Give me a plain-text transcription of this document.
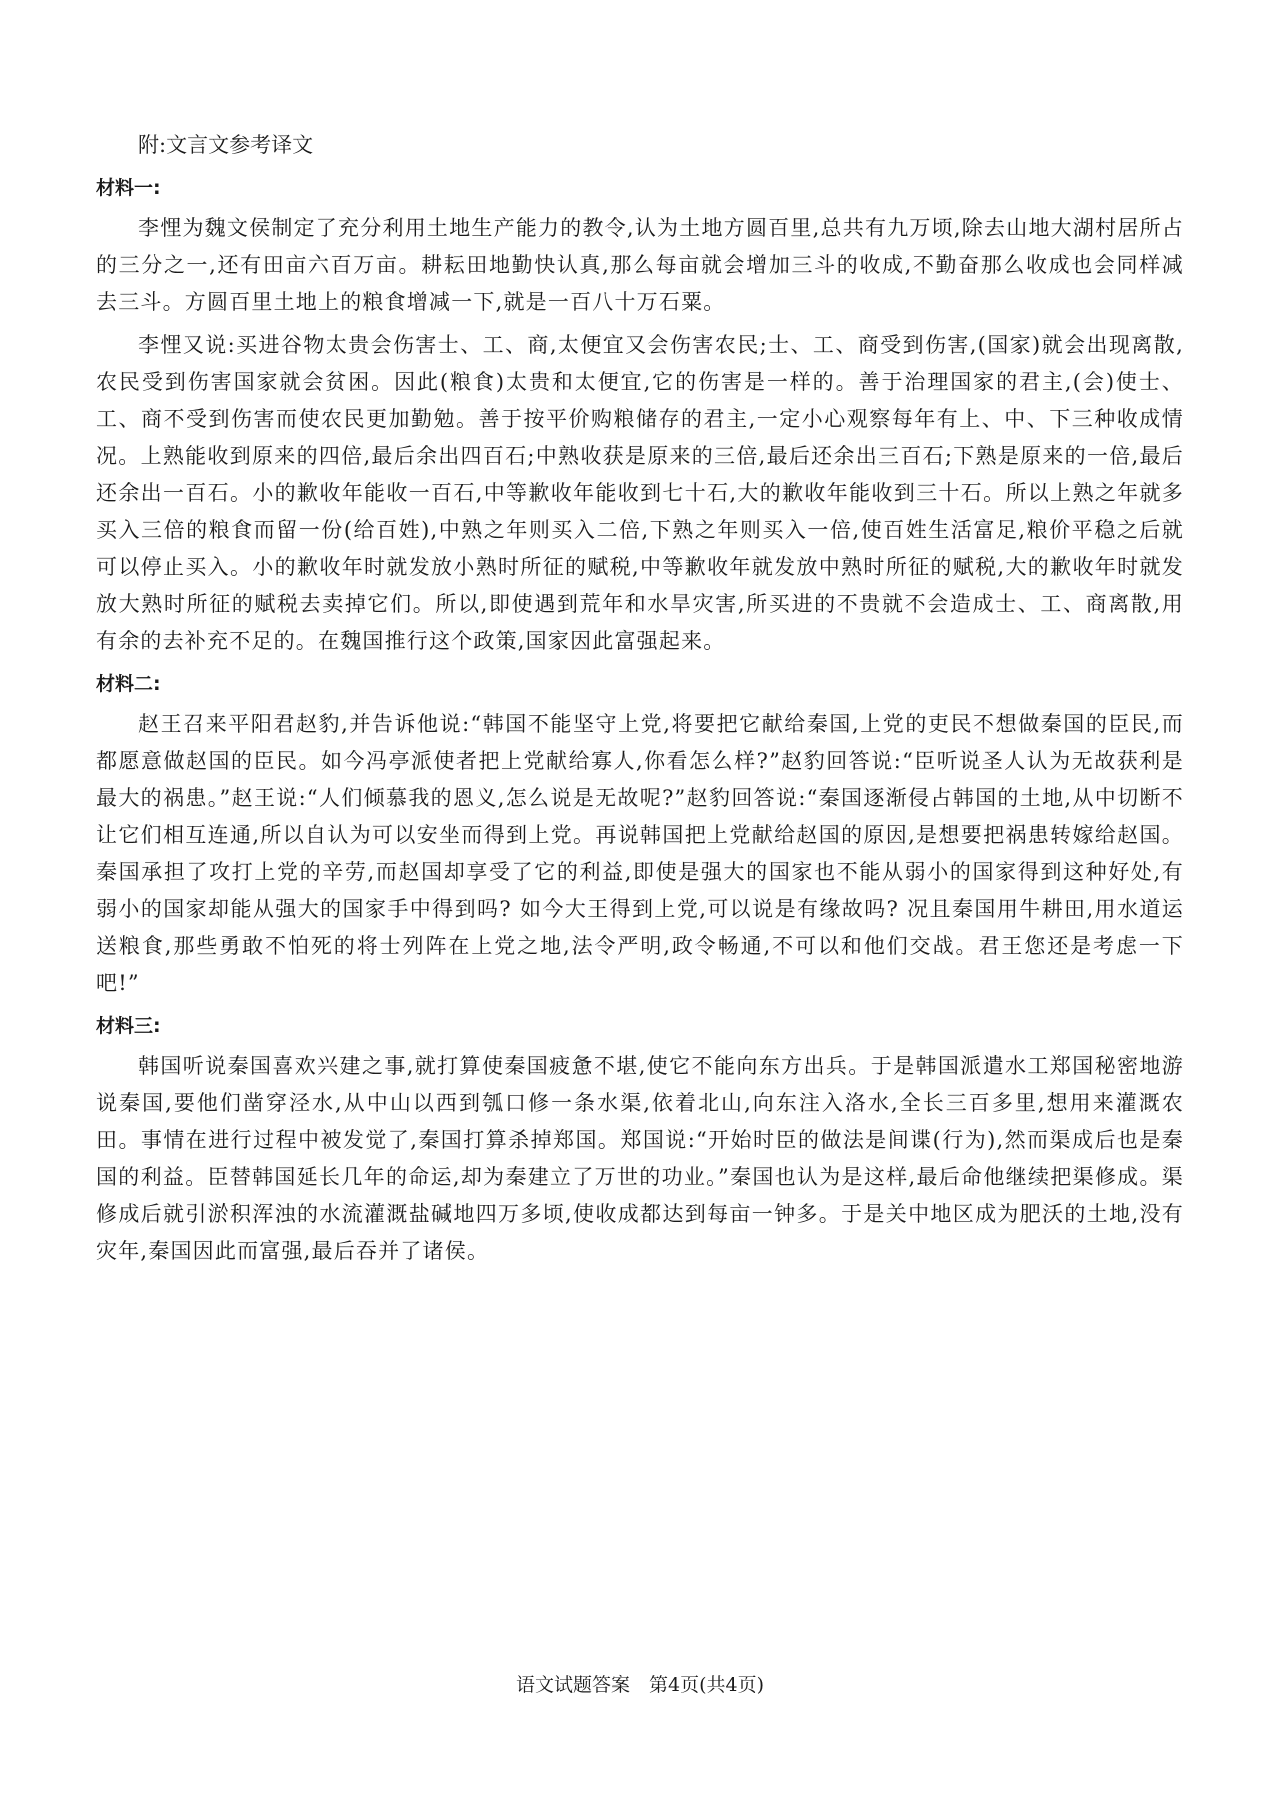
附:文言文参考译文
材料一:

李悝为魏文侯制定了充分利用土地生产能力的教令,认为土地方圆百里,总共有九万顷,除去山地大湖村居所占的三分之一,还有田亩六百万亩。耕耘田地勤快认真,那么每亩就会增加三斗的收成,不勤奋那么收成也会同样减去三斗。方圆百里土地上的粮食增减一下,就是一百八十万石粟。

李悝又说:买进谷物太贵会伤害士、工、商,太便宜又会伤害农民;士、工、商受到伤害,(国家)就会出现离散,农民受到伤害国家就会贫困。因此(粮食)太贵和太便宜,它的伤害是一样的。善于治理国家的君主,(会)使士、工、商不受到伤害而使农民更加勤勉。善于按平价购粮储存的君主,一定小心观察每年有上、中、下三种收成情况。上熟能收到原来的四倍,最后余出四百石;中熟收获是原来的三倍,最后还余出三百石;下熟是原来的一倍,最后还余出一百石。小的歉收年能收一百石,中等歉收年能收到七十石,大的歉收年能收到三十石。所以上熟之年就多买入三倍的粮食而留一份(给百姓),中熟之年则买入二倍,下熟之年则买入一倍,使百姓生活富足,粮价平稳之后就可以停止买入。小的歉收年时就发放小熟时所征的赋税,中等歉收年就发放中熟时所征的赋税,大的歉收年时就发放大熟时所征的赋税去卖掉它们。所以,即使遇到荒年和水旱灾害,所买进的不贵就不会造成士、工、商离散,用有余的去补充不足的。在魏国推行这个政策,国家因此富强起来。

材料二:

赵王召来平阳君赵豹,并告诉他说:“韩国不能坚守上党,将要把它献给秦国,上党的吏民不想做秦国的臣民,而都愿意做赵国的臣民。如今冯亭派使者把上党献给寡人,你看怎么样?”赵豹回答说:“臣听说圣人认为无故获利是最大的祸患。”赵王说:“人们倾慕我的恩义,怎么说是无故呢?”赵豹回答说:“秦国逐渐侵占韩国的土地,从中切断不让它们相互连通,所以自认为可以安坐而得到上党。再说韩国把上党献给赵国的原因,是想要把祸患转嫁给赵国。秦国承担了攻打上党的辛劳,而赵国却享受了它的利益,即使是强大的国家也不能从弱小的国家得到这种好处,有弱小的国家却能从强大的国家手中得到吗? 如今大王得到上党,可以说是有缘故吗? 况且秦国用牛耕田,用水道运送粮食,那些勇敢不怕死的将士列阵在上党之地,法令严明,政令畅通,不可以和他们交战。君王您还是考虑一下吧!”

材料三:

韩国听说秦国喜欢兴建之事,就打算使秦国疲惫不堪,使它不能向东方出兵。于是韩国派遣水工郑国秘密地游说秦国,要他们凿穿泾水,从中山以西到瓠口修一条水渠,依着北山,向东注入洛水,全长三百多里,想用来灌溉农田。事情在进行过程中被发觉了,秦国打算杀掉郑国。郑国说:“开始时臣的做法是间谍(行为),然而渠成后也是秦国的利益。臣替韩国延长几年的命运,却为秦建立了万世的功业。”秦国也认为是这样,最后命他继续把渠修成。渠修成后就引淤积浑浊的水流灌溉盐碱地四万多顷,使收成都达到每亩一钟多。于是关中地区成为肥沃的土地,没有灾年,秦国因此而富强,最后吞并了诸侯。

语文试题答案　第4页(共4页)
